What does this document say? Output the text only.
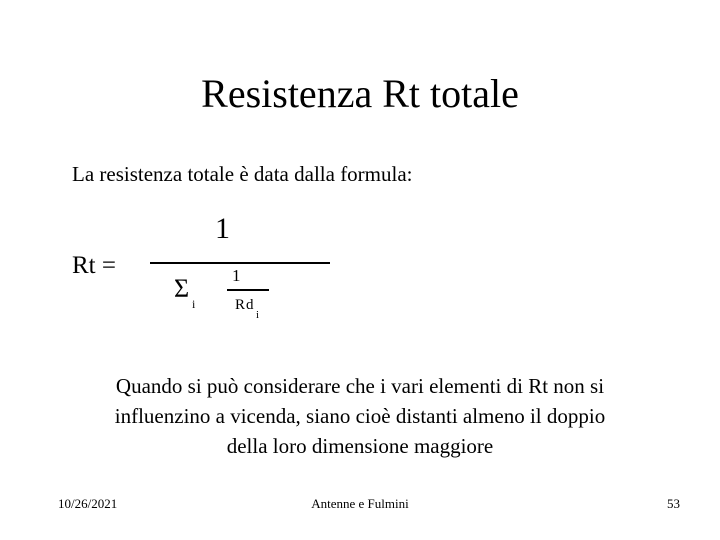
Resistenza Rt totale
La resistenza totale è data dalla formula:
Rt =
1
Σ
i
1
Rd
i
Quando si può considerare che i vari elementi di Rt non si
influenzino a vicenda, siano cioè distanti almeno il doppio
della loro dimensione maggiore
10/26/2021	Antenne e Fulmini	53
